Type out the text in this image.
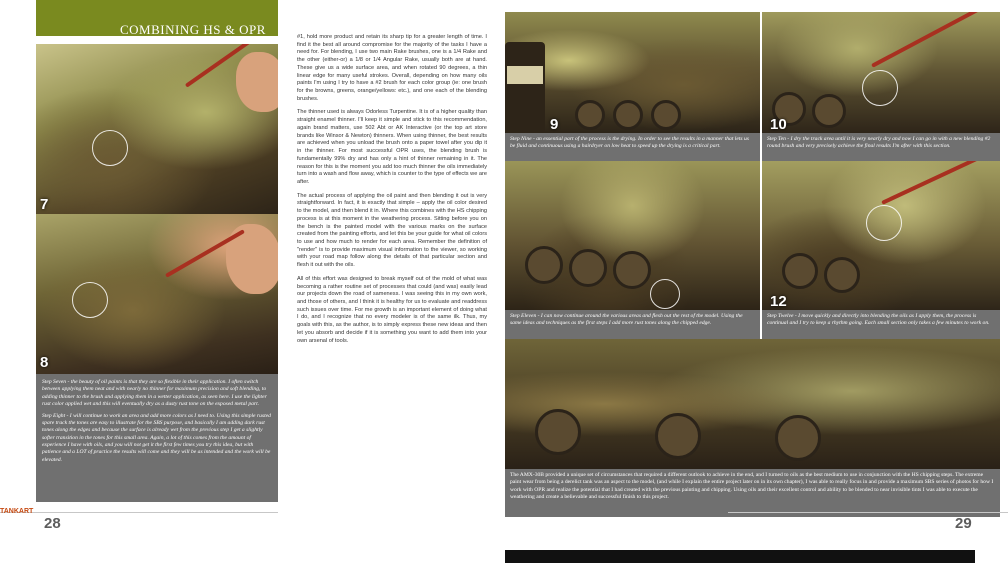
COMBINING HS & OPR
7
8

Step Seven - the beauty of oil paints is that they are so flexible in their application. I often switch between applying them neat and with nearly no thinner for maximum precision and soft blending, to adding thinner to the brush and applying them in a wetter application, as seen here. I use the lighter rust color applied wet and this will eventually dry as a dusty rust tone on the exposed metal part.

Step Eight - I will continue to work an area and add more colors as I need to. Using this simple rusted spare track the tones are easy to illustrate for the SBS purpose, and basically I am adding dark rust tones along the edges and because the surface is already wet from the previous step I get a slightly softer transition in the tones for this small area. Again, a lot of this comes from the amount of experience I have with oils, and you will not get it the first few times you try this idea, but with patience and a LOT of practice the results will come and they will be as intended and the work will be elevated.

#1, hold more product and retain its sharp tip for a greater length of time. I find it the best all around compromise for the majority of the tasks I have a need for. For blending, I use two main Rake brushes, one is a 1/4 Rake and the other (either-or) a 1/8 or 1/4 Angular Rake, usually both are at hand. These give us a wide surface area, and when rotated 90 degrees, a thin linear edge for many useful strokes. Overall, depending on how many oils paints I'm using I try to have a #2 brush for each color group (ie: one brush for the browns, greens, orange/yellows: etc.), and one each of the blending brushes.

The thinner used is always Odorless Turpentine. It is of a higher quality than straight enamel thinner. I'll keep it simple and stick to this recommendation, again brand matters, use 502 Abt or AK Interactive (or the top art store brands like Winsor & Newton) thinners. When using thinner, the best results are achieved when you unload the brush onto a paper towel after you dip it in the thinner. For most successful OPR uses, the blending brush is fundamentally 99% dry and has only a hint of thinner remaining in it. The reason for this is the moment you add too much thinner the oils immediately turn into a wash and flow away, which is counter to the type of effects we are after.

The actual process of applying the oil paint and then blending it out is very straightforward. In fact, it is exactly that simple – apply the oil color desired to the model, and then blend it in. Where this combines with the HS chipping process is at this moment in the weathering process. Sitting before you on the bench is the painted model with the various marks on the surface created from the painting efforts, and let this be your guide for what oil colors to use and how much to render for each area. Remember the definition of "render" is to provide maximum visual information to the viewer, so working with your road map follow along the details of that particular section and flesh it out with the oils.

All of this effort was designed to break myself out of the mold of what was becoming a rather routine set of processes that could (and was) easily lead our projects down the road of sameness. I was seeing this in my own work, and those of others, and I think it is healthy for us to evaluate and readdress such issues over time. For me growth is an important element of doing what I do, and I recognize that no every modeler is of the same ilk. Thus, my goals with this, as the author, is to simply express these new ideas and then let you absorb and decide if it is something you want to add them into your own arsenal of tools.

TANKART
28
9
Step Nine - an essential part of the process is the drying. In order to see the results in a manner that lets us be fluid and continuous using a hairdryer on low heat to speed up the drying is a critical part.
10
Step Ten - I dry the track area until it is very nearly dry and now I can go in with a new blending #2 round brush and very precisely achieve the final results I'm after with this section.
Step Eleven - I can now continue around the various areas and flesh out the rest of the model. Using the same ideas and techniques as the first steps I add more rust tones along the chipped edge.
12
Step Twelve - I move quickly and directly into blending the oils as I apply them, the process is continual and I try to keep a rhythm going. Each small section only takes a few minutes to work on.
The AMX-30B provided a unique set of circumstances that required a different outlook to achieve in the end, and I turned to oils as the best medium to use in conjunction with the HS chipping steps. The extreme paint wear from being a derelict tank was an aspect to the model, (and while I explain the entire project later on in its own chapter), I was able to really focus in and provide a maximum SBS series of photos for how I work with OPR and realize the potential that I had created with the previous painting and chipping. Using oils and their excellent control and ability to be blended to near invisible tints I was able to execute the weathering and create a believable and successful finish to this project.
29
